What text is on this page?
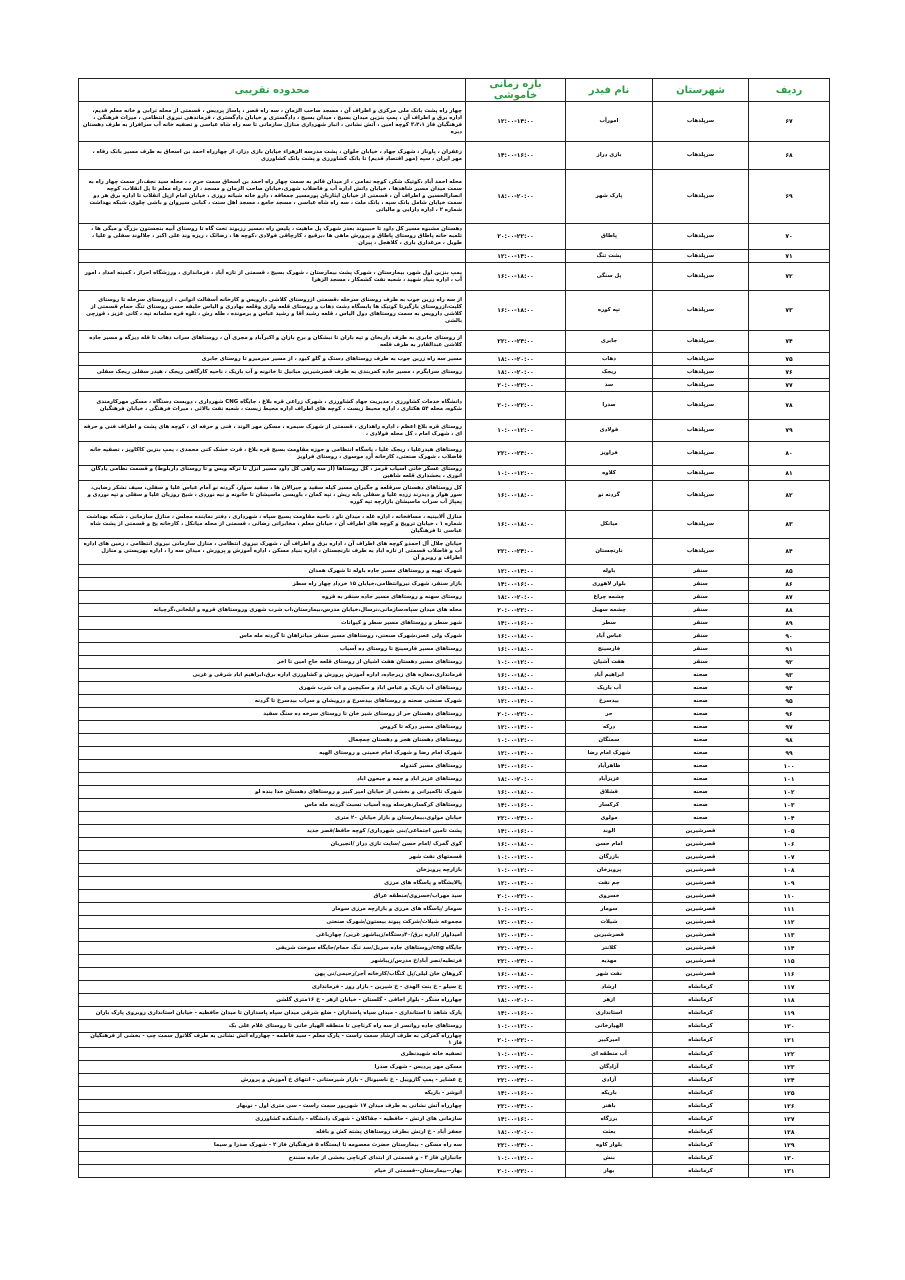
ردیف	شهرستان	نام فیدر	بازه زمانی خاموشی	محدوده تقریبی
۶۷	سرپلذهاب	امورآب	۱۲:۰۰-۱۴:۰۰	چهار راه پشت بانک ملی مرکزی و اطراف آن ، مسجد صاحب الزمان ، سه راه قصر ، پاساژ پردیس ، قسمتی از محله ترابی و خانه معلم قدیم، اداره برق و اطراف آن ، پمپ بنزین میدان بسیج ، میدان بسیج ، دادگستری و خیابان دادگستری ، فرماندهی نیروی انتظامی ، میراث فرهنگی ، فرهنگیان فاز ۳،۲،۱ کوچه امین ، آتش نشانی ، انبار شهرداری منازل سازمانی تا سه راه شاه عباسی و تصفیه خانه آب سرافراز به طرف دهستان دیره
۶۸	سرپلذهاب	بازی دراز	۱۴:۰۰-۱۶:۰۰	زعفران ، پاوناز ، شهرک جهاد ، خیابان حلوان ، پشت مدرسه الزهراء خیابان بازی دراز، از چهارراه احمد بن اسحاق به طرف مسیر بانک رفاه ، مهر ایران ، سپه (مهر اقتصاد قدیم) تا بانک کشاورزی و پشت بانک کشاورزی
۶۹	سرپلذهاب	پارک شهر	۱۸:۰۰-۲۰:۰۰	محله احمد آباد ،کوتیک شکر، کوچه نمامی ، از میدان قائم به سمت چهار راه احمد بن اسحاق سمت حرم ، ، محله سید نجف،از سمت چهار راه به سمت میدان مسیر شاهدها ، خیابان دانش اداره آب و فاضلاب شهری،خیابان صاحب الزمان و مسجد ، از سه راه معلم تا پل انقلاب، کوچه انصارالحسین و اطراف آن ، قسمتی از خیابان ایثاربان پورمسیر جمعاقه ، دارو خانه شبانه روزی ، خیابان امام ازپل انقلاب تا اداره برق هر دو سمت خیابان شامل بانک سپه ، بانک ملت ، سه راه شاه عباسی ، مسجد جامع ، مسجد اهل سنت ، کبابی سیروان و باشی چلوی، شبکه بهداشت شماره ۲ ، اداره دارایی و مالیاتی
۷۰	سرپلذهاب	پاطاق	۲۰:۰۰-۲۲:۰۰	دهستان مشبوه مسیر کل داود تا حبیبوند بعدز شهرک پل ماهیت ، پلیس راه ،مسیر رزبوند تخت گاه تا روستای آبیه بنجستون بزرگ و میگی ها ، تلمبه خانه پاطاق روستای پاطاق و پرورش ماهی ها ،برقیع ، کارچاقی فولادی ،کوچه ها ، زضائک ، ریزه وند علی اکبر ، جلالوند سفلی و علیا ، طویل ، مرغداری باری ، کلاهجل ، پیران
۷۱	سرپلذهاب	پشت تنگ	۱۲:۰۰-۱۴:۰۰	
۷۲	سرپلذهاب	پل سنگی	۱۶:۰۰-۱۸:۰۰	پمپ بنزین اول شهر، بیمارستان ، شهرک پشت بیمارستان ، شهرک بسیج ، قسمتی از تازه آباد ، فرمانداری ، ورزشگاه احراز ، کمیته امداد ، امور آب ، اداره بنیاد شهید ، شعبه نفت کشمکار ، مسجد الزهرا
۷۳	سرپلذهاب	تپه کوره	۱۶:۰۰-۱۸:۰۰	از سه راه زرین جوب به طرف روستای سرخله ،قسمتی ازروستای کلاشی دارویس و کارخانه آسفالت انوانی ، ازروستای سرخله تا روستای کلیت،ازروستای بازگیرتا کوتیک ها بابسگاه دشت ذهاب و روستای قلعه وازی وقلعه بهادری و الیاس خلیفه حسن روستای تنگ حمام قسمتی از کلاشی دارویس به سمت روستاهای دول الیاس ، قلعه رشید آقا و رشید عباس و برمونده ، طله رش ، تلوه قره سلمانه تپه ، کانی عزیز ، قوزچی بالشی
۷۴	سرپلذهاب	جابری	۲۲:۰۰-۲۴:۰۰	از روستای جابری به طرف داربخان و تپه باران تا نبشکان و برج بازان و اکبرآباد و مجری آن ، روستاهای سراب ذهاب تا قله دیزگه و مسیر جاده کلاشی عبدالقادر به طرف قلعه
۷۵	سرپلذهاب	ذهاب	۱۸:۰۰-۲۰:۰۰	مسیر سه راه زرین جوب به طرف روستاهای دستک و گلو کبود ، از مسیر میرمیرو تا روستای جابری
۷۶	سرپلذهاب	ریجک	۱۸:۰۰-۲۰:۰۰	روستای سرابگرم ، مسیر جاده کمربندی به طرف قصرشیرین مبانیل تا خانونه و آب باریک ، ناحیه کارگاهی ریجک ، هیدر سفلی ریجک سفلی
۷۷	سرپلذهاب	سد	۲۰:۰۰-۲۲:۰۰	
۷۸	سرپلذهاب	صدرا	۲۰:۰۰-۲۲:۰۰	دانشگاه خدمات کشاورزی ، مدیریت جهاد کشاورزی ، شهرک زراعی قره بلاغ ، جایگاه CNG شهرداری ، دویست دستگاه ، مسکن مهرکارمندی شکوه، محله ۵۴ هکتاری ، اداره محیط زیست ، کوچه های اطراف اداره محیط زیست ، شعبه نفت بالائی ، میراث فرهنگی ، خیابان فرهنگیان
۷۹	سرپلذهاب	فولادی	۱۰:۰۰-۱۲:۰۰	روستای قره بلاغ اعظم ، اداره راهداری ، قسمتی از شهرک سیمره ، مسکن مهر الوند ، فنی و حرفه ای ، کوچه های پشت و اطراف فنی و حرفه ای ، شهرک امام ، کل محله فولادی ،
۸۰	سرپلذهاب	فراویز	۲۲:۰۰-۲۴:۰۰	روستاهای هیدرعلیا ، ریجک علیا ، پاسگاه انتظامی و حوزه مقاومت بسیج قره بلاغ ، قرت خشک کنی محمدی ، پمپ بنزین کاکاویز ، تصفیه خانه فاضلاب ، شهرک صنعتی، کارخانه آرد موسوی ، روستای فراویز
۸۱	سرپلذهاب	کلاوه	۱۰:۰۰-۱۲:۰۰	روستای عسکر خانی آسیاب قرمز ، کل روستاها (از سه راهی کل داود مسیر انزل تا ترکه ویس و تا روستای داربلوط) و قسمت نظامی یادگان انوری ، بخشداری قلعه شاهین
۸۲	سرپلذهاب	گردنه نو	۱۶:۰۰-۱۸:۰۰	کل روستاهای دهستان سرقلعه و جگیران مسیر کیله سفید و جیرالان ها ، سفید سوار، گردنه نو آمام عباس علیا و سفلی، سیف نشکر رضایی، سور هوار و دیدرند زرده علیا و سفلی بابه ریش ، تپه کمان ، باویسی ماسیشان تا خانونه و نیه نوردی ، شیخ روزیان علیا و سفلی و تپه نوردی و پمپاژ آب سراب ماسیشان بازارچه تپه کوره
۸۳	سرپلذهاب	میانکل	۱۶:۰۰-۱۸:۰۰	منازل آلابیتیه ، مسافخانه ، اداره غله ، میدان ناو ، ناحیه مقاومت بسیج سپاه ، شهرداری ، دفتر نماینده مجلس ، منازل سازمانی ، شبکه بهداشت شماره ۱ ، خیابان ترویج و کوچه های اطراف آن ، خیابان معلم ، مخابراتی رضائی ، قسمتی از محله میانکل ، کارخانه یخ و قسمتی از پشت شاه عباسی تا فرهنگیان
۸۴	سرپلذهاب	نارنجستان	۲۲:۰۰-۲۴:۰۰	خیابان جلال آل احمدو کوچه های اطراف آن ، اداره برق و اطراف آن ، شهرک نیروی انتظامی ، منازل سازمانی نیروی انتظامی ، زمین های اداره آب و فاضلاب قسمتی از تازه اباد به طرف نارنجستان ، اداره بنیاد مسکن ، اداره آموزش و پرورش ، میدان سه را ، اداره بهزیستی و منازل اطراف و روبرو آن
۸۵	سنقر	باوله	۱۲:۰۰-۱۴:۰۰	شهرک تهیه و روستاهای مسیر جاده باوله تا شهرک همدان
۸۶	سنقر	بلوار لاهوری	۱۴:۰۰-۱۶:۰۰	بازار سنقر، شهرک نیروانتظامی،خیابان ۱۵ خرداد چهار راه سطر
۸۷	سنقر	چشمه چراغ	۱۸:۰۰-۲۰:۰۰	روستای سهنه و روستاهای مسیر جاده سنقر به قروه
۸۸	سنقر	چشمه سهیل	۲۰:۰۰-۲۲:۰۰	محله های میدان سپاه،سازمانی،نرسال،خیابان مدرس،بیمارستان،اب شرب شهری وروستاهای قروه و ایلخانی،گرچیانه
۸۹	سنقر	سطر	۱۴:۰۰-۱۶:۰۰	شهر سطر و روستاهای مسیر سطر و کیوانات
۹۰	سنقر	عباس آباد	۱۶:۰۰-۱۸:۰۰	شهرک ولی عصر،شهرک صنعتی، روستاهای مسیر سنقر میانراهان تا گردنه مله ماس
۹۱	سنقر	فارسینج	۱۶:۰۰-۱۸:۰۰	روستاهای مسیر فارسینج تا روستای ده آسیاب
۹۲	سنقر	هفت آشیان	۱۰:۰۰-۱۲:۰۰	روستاهای مسیر دهستان هفت اشیان از روستای قلعه حاج امین تا اخر
۹۳	صحنه	ابراهیم آباد	۱۶:۰۰-۱۸:۰۰	فرمانداری،مغازه های زیرجاده، اداره آموزش پرورش و کشاورزی اداره برق،ابراهیم اباد شرقی و غربی
۹۴	صحنه	آب باریک	۱۶:۰۰-۱۸:۰۰	روستاهای آب باریک و عباس اباد و سکیچین و اب شرب شهری
۹۵	صحنه	بیدسرخ	۱۲:۰۰-۱۴:۰۰	شهرک صنعتی صحنه و روستاهای بیدسرخ و درویشان و سراب بیدسرخ تا گردنه
۹۶	صحنه	حر	۲۰:۰۰-۲۲:۰۰	روستاهای دهستان حر از روستای شیر خان تا روستای سرخه ده سنگ سفید
۹۷	صحنه	درکه	۱۲:۰۰-۱۴:۰۰	روستاهای مسیر درکه تا کروس
۹۸	صحنه	سمنگان	۱۰:۰۰-۱۲:۰۰	روستاهای دهستان هجر و دهستان چمچمال
۹۹	صحنه	شهرک امام رضا	۱۲:۰۰-۱۴:۰۰	شهرک امام رضا و شهرک امام خمینی و روستای الهیه
۱۰۰	صحنه	ظاهرآباد	۱۴:۰۰-۱۶:۰۰	روستاهای مسیر کندوله
۱۰۱	صحنه	عزیزآباد	۱۸:۰۰-۲۰:۰۰	روستاهای عزیز اباد و چمه و جیحون اباد
۱۰۲	صحنه	قشلاق	۱۶:۰۰-۱۸:۰۰	شهرک تاکمیرانی و بخشی از خیابان امیر کبیر و روستاهای دهستان خدا بنده لو
۱۰۳	صحنه	کرکسار	۱۴:۰۰-۱۶:۰۰	روستاهای کرکسار،هرسله وده آسیاب تسبت گردنه مله ماس
۱۰۴	صحنه	مولوی	۲۲:۰۰-۲۴:۰۰	خیابان مولوی،بیمارستان و بازار خیابان ۲۰ متری
۱۰۵	قصرشیرین	الوند	۱۴:۰۰-۱۶:۰۰	پشت تامین اجتماعی/بنی شهرداری/ کوچه حافظ/قصر جدید
۱۰۶	قصرشیرین	امام حسن	۱۶:۰۰-۱۸:۰۰	کوی گمرک /امام حسن /سایت نازی دراز /انجیربان
۱۰۷	قصرشیرین	بازرگان	۱۰:۰۰-۱۲:۰۰	قسمتهای نفت شهر
۱۰۸	قصرشیرین	پرویزخان	۱۰:۰۰-۱۲:۰۰	بازارچه پرویزخان
۱۰۹	قصرشیرین	جم نفت	۱۲:۰۰-۱۴:۰۰	پالایشگاه و پاسگاه های مرزی
۱۱۰	قصرشیرین	خسروی	۲۰:۰۰-۲۲:۰۰	سید مهراب/خسروی/منطقه عراق
۱۱۱	قصرشیرین	سومار	۱۰:۰۰-۱۲:۰۰	سومار /پاسگاه های مرزی و بازارچه مرزی سومار
۱۱۲	قصرشیرین	شیلات	۱۲:۰۰-۱۴:۰۰	مجموعه شیلات/شرکت پیوند بیستون/شهرک صنعتی
۱۱۳	قصرشیرین	قصرشیرین	۱۲:۰۰-۱۴:۰۰	امیداوار /اداره برق/۴۰دستگاه/زیباشهر غربی/ چهارباغی
۱۱۴	قصرشیرین	کلانتر	۲۲:۰۰-۲۴:۰۰	جایگاه cng/روستاهای جاده سریل/سد تنگ حمام/جایگاه سوخت شریفی
۱۱۵	قصرشیرین	مهدیه	۲۲:۰۰-۲۴:۰۰	فرتطیه/نصر آباد/خ مدرس/زیباشهر
۱۱۶	قصرشیرین	نفت شهر	۱۶:۰۰-۱۸:۰۰	کروهان خان لیلی/پل کنگاب/کارخانه آجر/رحیمی/نی پهن
۱۱۷	کرمانشاه	ارشاد	۲۲:۰۰-۲۴:۰۰	خ سیلو - خ بنت الهدی - خ شیرین - بازار روز - فرمانداری
۱۱۸	کرمانشاه	ازهر	۱۸:۰۰-۲۰:۰۰	چهارراه سنگر - بلوار اجاقی - گلستان - خیابان ازهر - خ ۱۶متری گلشن
۱۱۹	کرمانشاه	استانداری	۱۴:۰۰-۱۶:۰۰	پارک شاهد تا استانداری - میدان سپاه پاسداران - ضلع شرقی میدان سپاه پاسداران تا میدان حافظیه - خیابان استانداری روبروی پارک باران
۱۲۰	کرمانشاه	الهیارخانی	۱۰:۰۰-۱۲:۰۰	روستاهای جاده روانسر از سه راه کرناچی تا منطقه الهیار خانی تا روستای غلام علی بک
۱۲۱	کرمانشاه	امیرکبیر	۲۰:۰۰-۲۲:۰۰	چهارراه گمرکی به طرف ارشاد سمت راست - پارک معلم - سید فاطمه - چهارراه آتش نشانی به طرف کلاتول سمت چپ - بخشی از فرهنگیان فاز ۱
۱۲۲	کرمانشاه	آب منطقه ای	۱۰:۰۰-۱۲:۰۰	تصفیه خانه شهیدنظری
۱۲۳	کرمانشاه	آزادگان	۲۲:۰۰-۲۴:۰۰	مسکن مهر پردیس - شهرک صدرا
۱۲۴	کرمانشاه	آزادی	۲۲:۰۰-۲۴:۰۰	خ عشایر - پمپ گازوییل - خ ناسیونال - بازار شیرستانی - انتهای خ آموزش و پرورش
۱۲۵	کرمانشاه	باریکه	۱۴:۰۰-۱۶:۰۰	انوشر - بازیکه
۱۲۶	کرمانشاه	باهنر	۲۲:۰۰-۲۴:۰۰	چهارراه آتش نشانی به طرف میدان ۱۷ شهریور سمت راست - سی متری اول - نوبهار
۱۲۷	کرمانشاه	برزگاه	۱۴:۰۰-۱۶:۰۰	سازمانی های ارتش - حافظیه - جقاکلان - شهرک دانشگاه - دانشکده کشاورزی
۱۲۸	کرمانشاه	بعثت	۱۸:۰۰-۲۰:۰۰	جعفر آباد - خ ارتش بطرف روستاهای پشته کش و بافله
۱۲۹	کرمانشاه	بلوار کاوه	۲۲:۰۰-۲۴:۰۰	سه راه مسکن - بیمارستان حضرت معصومه تا ایستگاه ۵ فرهنگیان فاز ۲ - شهرک صدرا و سیما
۱۳۰	کرمانشاه	بنش	۱۰:۰۰-۱۲:۰۰	جانبازان فاز ۳ - و قسمتی از ابتدای کرناچی بخشی از جاده سنندج
۱۳۱	کرمانشاه	بهار	۲۰:۰۰-۲۲:۰۰	بهار--بیمارستان--قسمتی از خیام
